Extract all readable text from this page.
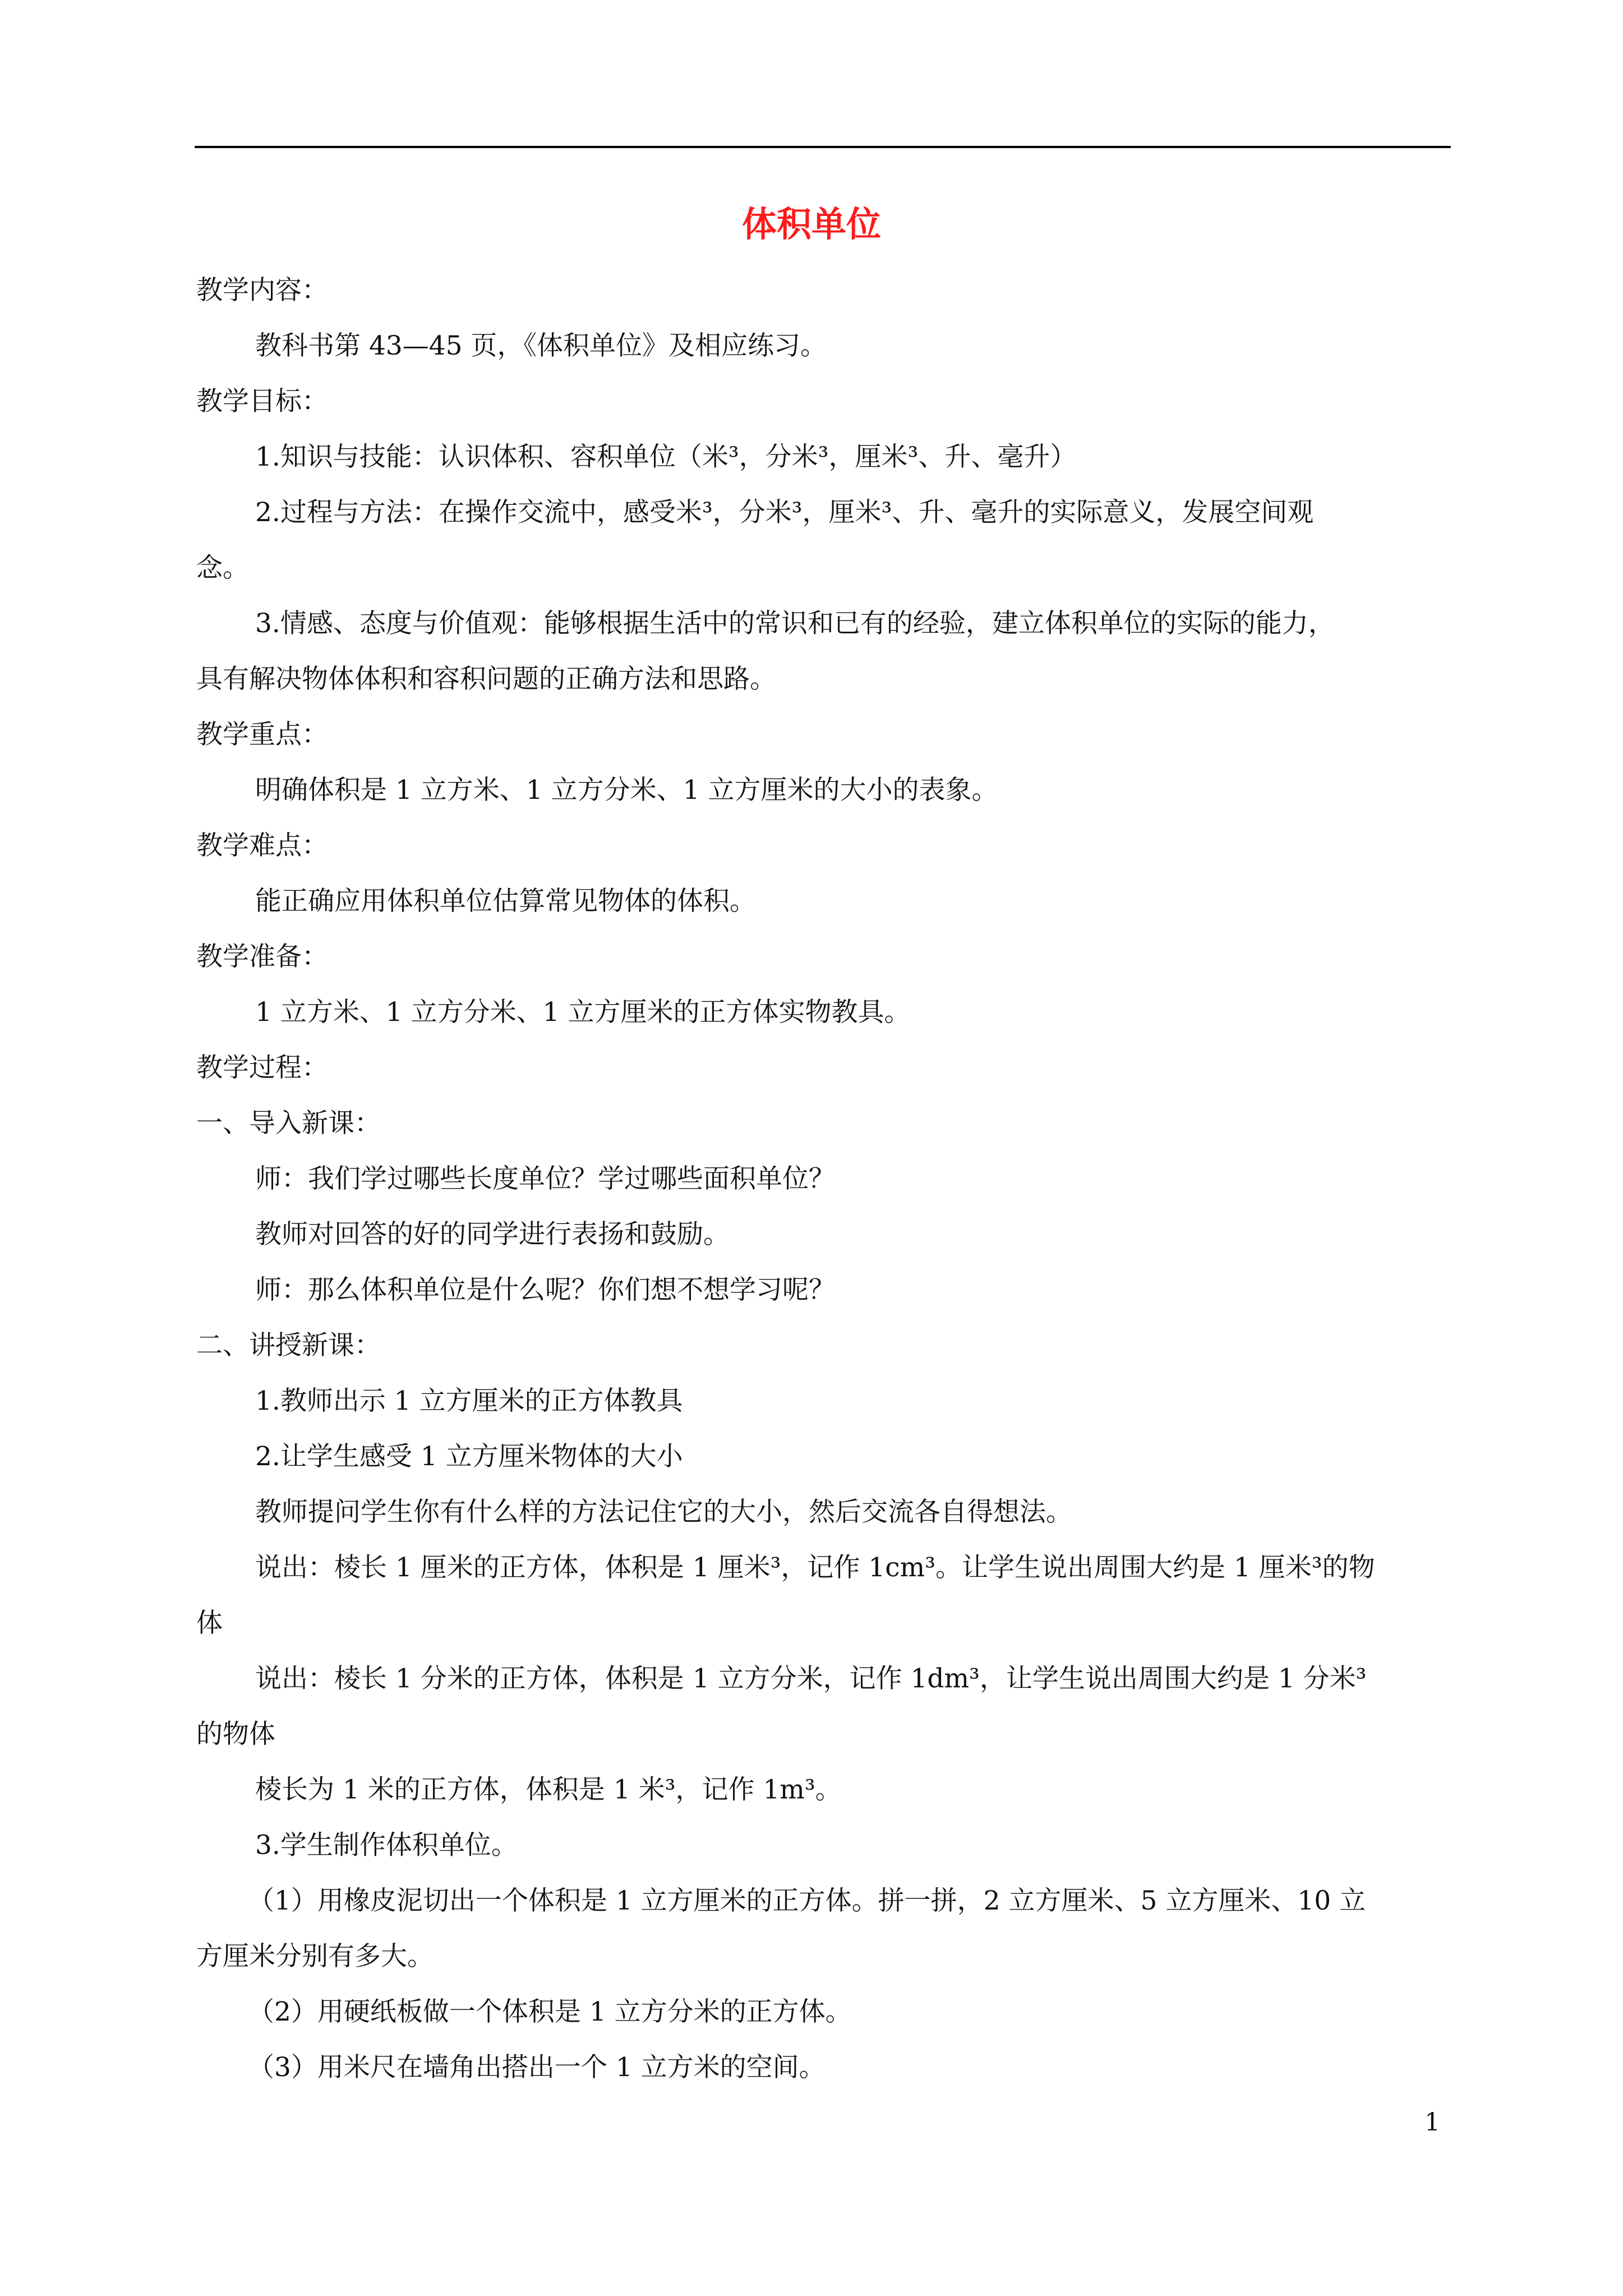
体积单位
教学内容：
教科书第 43—45 页，《体积单位》及相应练习。
教学目标：
1.知识与技能：认识体积、容积单位（米³，分米³，厘米³、升、毫升）
2.过程与方法：在操作交流中，感受米³，分米³，厘米³、升、毫升的实际意义，发展空间观
念。
3.情感、态度与价值观：能够根据生活中的常识和已有的经验，建立体积单位的实际的能力，
具有解决物体体积和容积问题的正确方法和思路。
教学重点：
明确体积是 1 立方米、1 立方分米、1 立方厘米的大小的表象。
教学难点：
能正确应用体积单位估算常见物体的体积。
教学准备：
1 立方米、1 立方分米、1 立方厘米的正方体实物教具。
教学过程：
一、导入新课：
师：我们学过哪些长度单位？学过哪些面积单位？
教师对回答的好的同学进行表扬和鼓励。
师：那么体积单位是什么呢？你们想不想学习呢？
二、讲授新课：
1.教师出示 1 立方厘米的正方体教具
2.让学生感受 1 立方厘米物体的大小
教师提问学生你有什么样的方法记住它的大小，然后交流各自得想法。
说出：棱长 1 厘米的正方体，体积是 1 厘米³，记作 1cm³。让学生说出周围大约是 1 厘米³的物
体
说出：棱长 1 分米的正方体，体积是 1 立方分米，记作 1dm³，让学生说出周围大约是 1 分米³
的物体
棱长为 1 米的正方体，体积是 1 米³，记作 1m³。
3.学生制作体积单位。
（1）用橡皮泥切出一个体积是 1 立方厘米的正方体。拼一拼，2 立方厘米、5 立方厘米、10 立
方厘米分别有多大。
（2）用硬纸板做一个体积是 1 立方分米的正方体。
（3）用米尺在墙角出搭出一个 1 立方米的空间。
1
